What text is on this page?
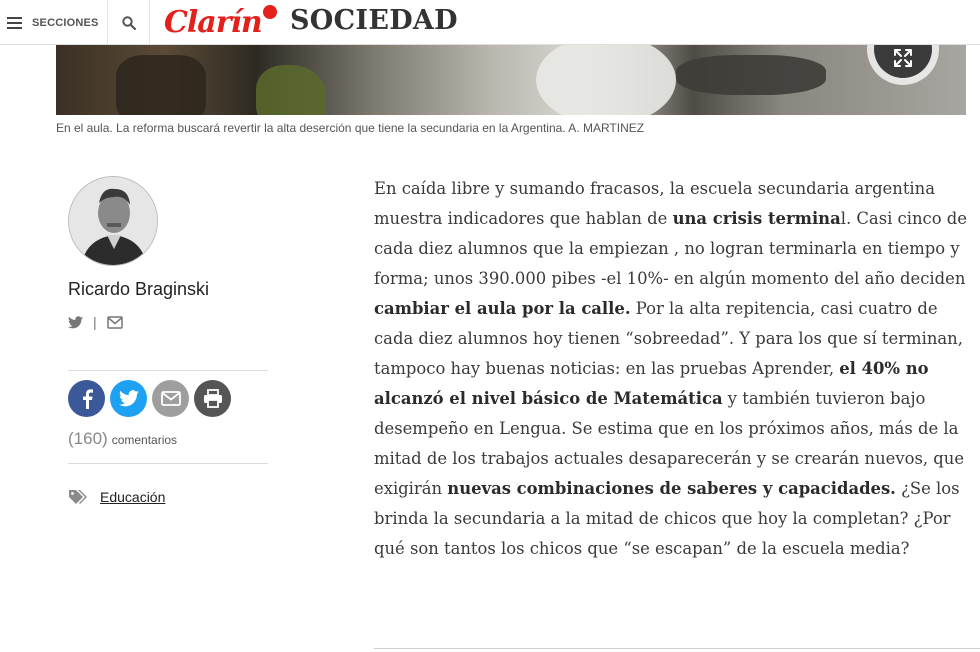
SECCIONES Clarín SOCIEDAD
En el aula. La reforma buscará revertir la alta deserción que tiene la secundaria en la Argentina. A. MARTINEZ
Ricardo Braginski
|
(160) comentarios
Educación
En caída libre y sumando fracasos, la escuela secundaria argentina muestra indicadores que hablan de una crisis terminal. Casi cinco de cada diez alumnos que la empiezan , no logran terminarla en tiempo y forma; unos 390.000 pibes -el 10%- en algún momento del año deciden cambiar el aula por la calle. Por la alta repitencia, casi cuatro de cada diez alumnos hoy tienen “sobreedad”. Y para los que sí terminan, tampoco hay buenas noticias: en las pruebas Aprender, el 40% no alcanzó el nivel básico de Matemática y también tuvieron bajo desempeño en Lengua. Se estima que en los próximos años, más de la mitad de los trabajos actuales desaparecerán y se crearán nuevos, que exigirán nuevas combinaciones de saberes y capacidades. ¿Se los brinda la secundaria a la mitad de chicos que hoy la completan? ¿Por qué son tantos los chicos que “se escapan” de la escuela media?
